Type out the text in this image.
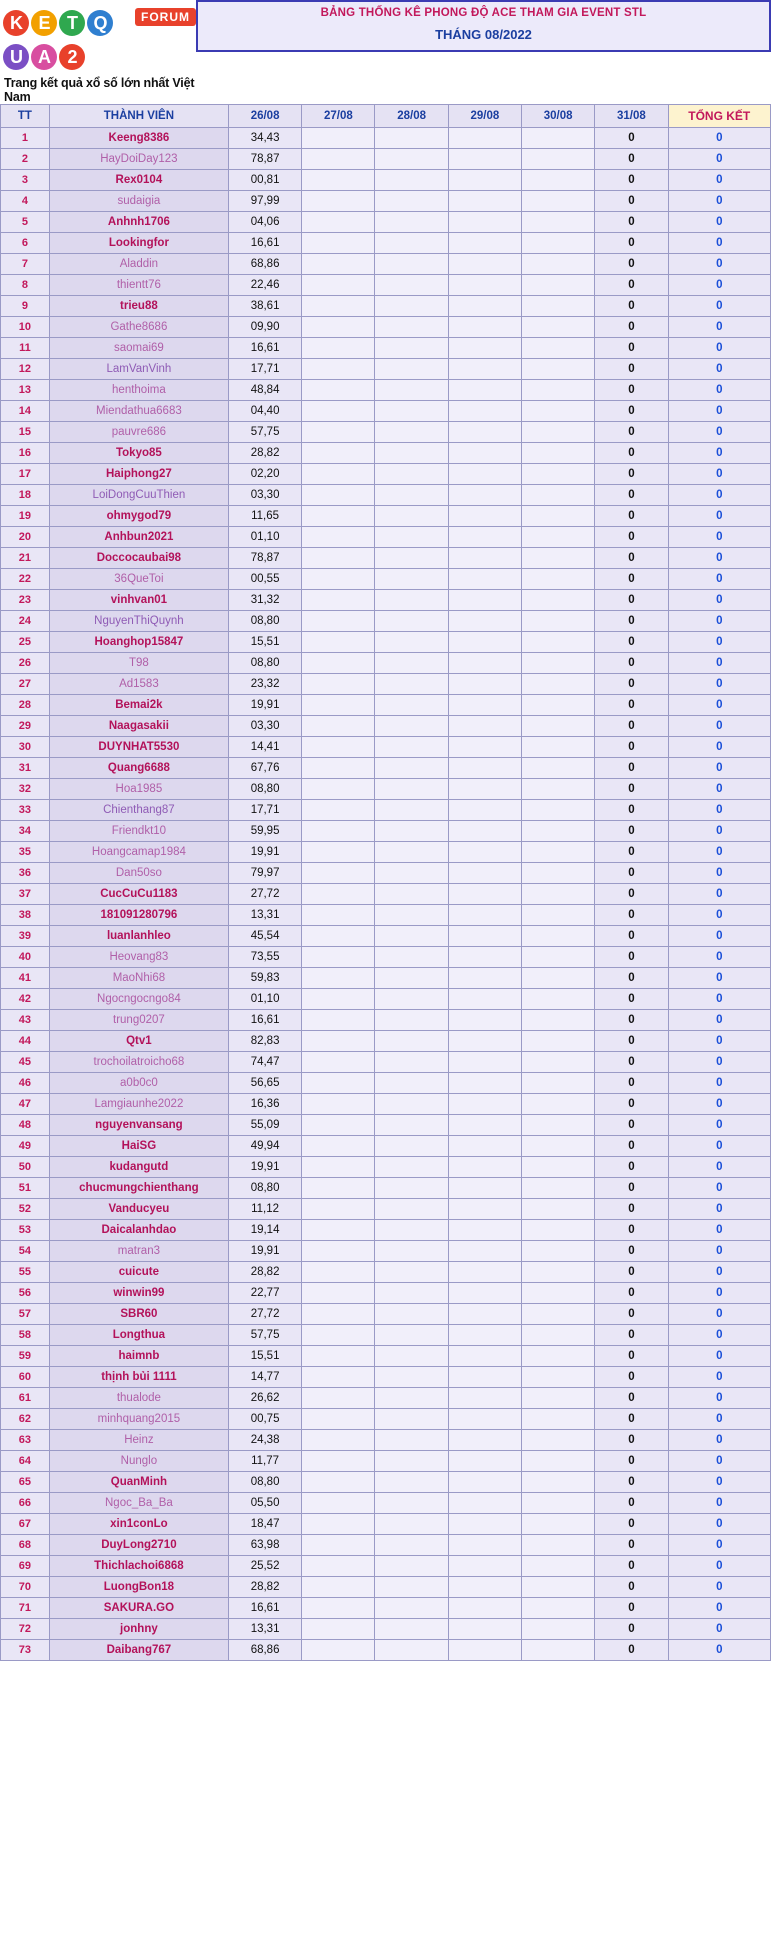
K E T QU A 2
FORUM
Trang kết quả xổ số lớn nhất Việt Nam
BẢNG THỐNG KÊ PHONG ĐỘ ACE THAM GIA EVENT STL
THÁNG 08/2022
TT	THÀNH VIÊN	26/08	27/08	28/08	29/08	30/08	31/08	TỔNG KẾT
1	Keeng8386	34,43					0	0
2	HayDoiDay123	78,87					0	0
3	Rex0104	00,81					0	0
4	sudaigia	97,99					0	0
5	Anhnh1706	04,06					0	0
6	Lookingfor	16,61					0	0
7	Aladdin	68,86					0	0
8	thientt76	22,46					0	0
9	trieu88	38,61					0	0
10	Gathe8686	09,90					0	0
11	saomai69	16,61					0	0
12	LamVanVinh	17,71					0	0
13	henthoima	48,84					0	0
14	Miendathua6683	04,40					0	0
15	pauvre686	57,75					0	0
16	Tokyo85	28,82					0	0
17	Haiphong27	02,20					0	0
18	LoiDongCuuThien	03,30					0	0
19	ohmygod79	11,65					0	0
20	Anhbun2021	01,10					0	0
21	Doccocaubai98	78,87					0	0
22	36QueToi	00,55					0	0
23	vinhvan01	31,32					0	0
24	NguyenThiQuynh	08,80					0	0
25	Hoanghop15847	15,51					0	0
26	T98	08,80					0	0
27	Ad1583	23,32					0	0
28	Bemai2k	19,91					0	0
29	Naagasakii	03,30					0	0
30	DUYNHAT5530	14,41					0	0
31	Quang6688	67,76					0	0
32	Hoa1985	08,80					0	0
33	Chienthang87	17,71					0	0
34	Friendkt10	59,95					0	0
35	Hoangcamap1984	19,91					0	0
36	Dan50so	79,97					0	0
37	CucCuCu1183	27,72					0	0
38	181091280796	13,31					0	0
39	luanlanhleo	45,54					0	0
40	Heovang83	73,55					0	0
41	MaoNhi68	59,83					0	0
42	Ngocngocngo84	01,10					0	0
43	trung0207	16,61					0	0
44	Qtv1	82,83					0	0
45	trochoilatroicho68	74,47					0	0
46	a0b0c0	56,65					0	0
47	Lamgiaunhe2022	16,36					0	0
48	nguyenvansang	55,09					0	0
49	HaiSG	49,94					0	0
50	kudangutd	19,91					0	0
51	chucmungchienthang	08,80					0	0
52	Vanducyeu	11,12					0	0
53	Daicalanhdao	19,14					0	0
54	matran3	19,91					0	0
55	cuicute	28,82					0	0
56	winwin99	22,77					0	0
57	SBR60	27,72					0	0
58	Longthua	57,75					0	0
59	haimnb	15,51					0	0
60	thịnh bủi 1111	14,77					0	0
61	thualode	26,62					0	0
62	minhquang2015	00,75					0	0
63	Heinz	24,38					0	0
64	Nunglo	11,77					0	0
65	QuanMinh	08,80					0	0
66	Ngoc_Ba_Ba	05,50					0	0
67	xin1conLo	18,47					0	0
68	DuyLong2710	63,98					0	0
69	Thichlachoi6868	25,52					0	0
70	LuongBon18	28,82					0	0
71	SAKURA.GO	16,61					0	0
72	jonhny	13,31					0	0
73	Daibang767	68,86					0	0
